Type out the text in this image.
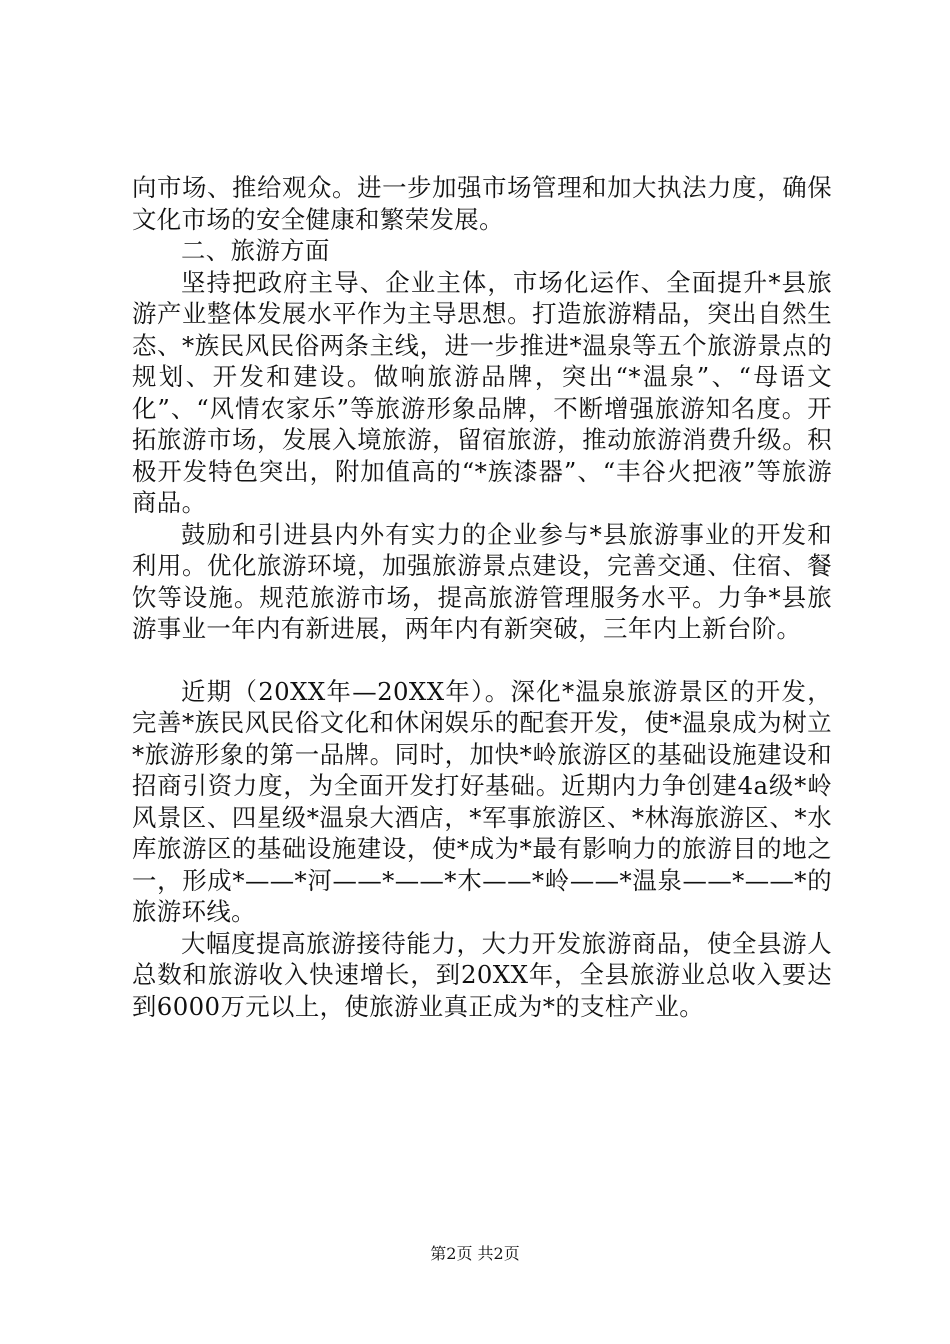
向市场、推给观众。进一步加强市场管理和加大执法力度，确保文化市场的安全健康和繁荣发展。

二、旅游方面

坚持把政府主导、企业主体，市场化运作、全面提升*县旅游产业整体发展水平作为主导思想。打造旅游精品，突出自然生态、*族民风民俗两条主线，进一步推进*温泉等五个旅游景点的规划、开发和建设。做响旅游品牌，突出“*温泉”、“母语文化”、“风情农家乐”等旅游形象品牌，不断增强旅游知名度。开拓旅游市场，发展入境旅游，留宿旅游，推动旅游消费升级。积极开发特色突出，附加值高的“*族漆器”、“丰谷火把液”等旅游商品。

鼓励和引进县内外有实力的企业参与*县旅游事业的开发和利用。优化旅游环境，加强旅游景点建设，完善交通、住宿、餐饮等设施。规范旅游市场，提高旅游管理服务水平。力争*县旅游事业一年内有新进展，两年内有新突破，三年内上新台阶。

近期（20XX年—20XX年）。深化*温泉旅游景区的开发，完善*族民风民俗文化和休闲娱乐的配套开发，使*温泉成为树立*旅游形象的第一品牌。同时，加快*岭旅游区的基础设施建设和招商引资力度，为全面开发打好基础。近期内力争创建4a级*岭风景区、四星级*温泉大酒店，*军事旅游区、*林海旅游区、*水库旅游区的基础设施建设，使*成为*最有影响力的旅游目的地之一，形成*——*河——*——*木——*岭——*温泉——*——*的旅游环线。

大幅度提高旅游接待能力，大力开发旅游商品，使全县游人总数和旅游收入快速增长，到20XX年，全县旅游业总收入要达到6000万元以上，使旅游业真正成为*的支柱产业。

第2页 共2页
